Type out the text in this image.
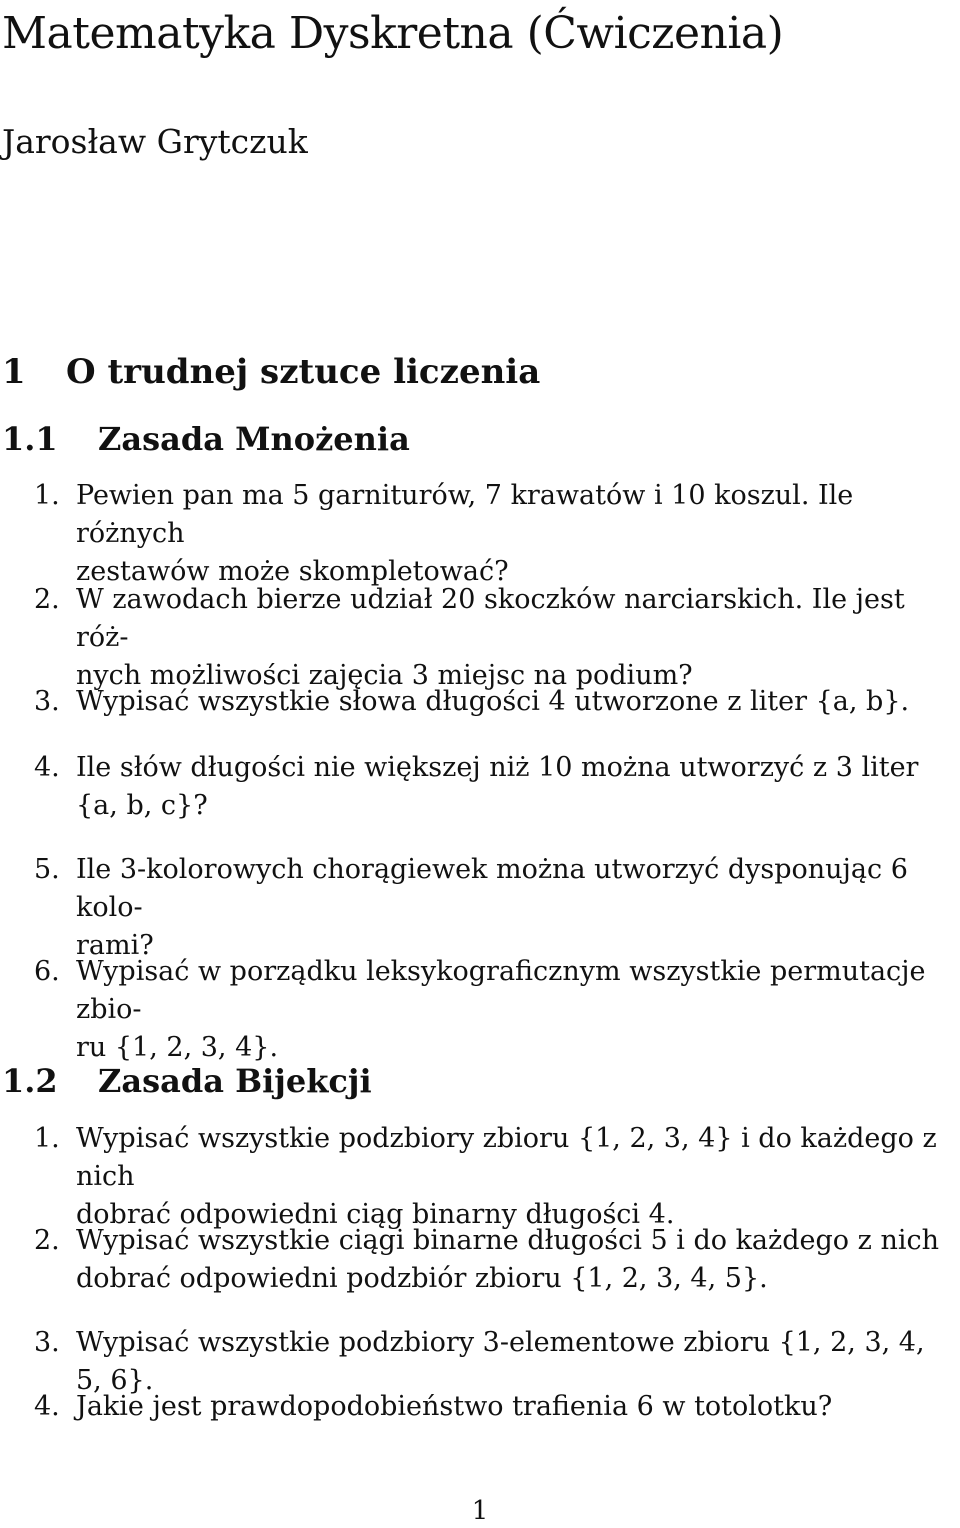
Matematyka Dyskretna (Ćwiczenia)
Jarosław Grytczuk
1 O trudnej sztuce liczenia
1.1 Zasada Mnożenia
1. Pewien pan ma 5 garniturów, 7 krawatów i 10 koszul. Ile różnych
zestawów może skompletować?
2. W zawodach bierze udział 20 skoczków narciarskich. Ile jest róż-
nych możliwości zajęcia 3 miejsc na podium?
3. Wypisać wszystkie słowa długości 4 utworzone z liter {a, b}.
4. Ile słów długości nie większej niż 10 można utworzyć z 3 liter
{a, b, c}?
5. Ile 3-kolorowych chorągiewek można utworzyć dysponując 6 kolo-
rami?
6. Wypisać w porządku leksykograficznym wszystkie permutacje zbio-
ru {1, 2, 3, 4}.
1.2 Zasada Bijekcji
1. Wypisać wszystkie podzbiory zbioru {1, 2, 3, 4} i do każdego z nich
dobrać odpowiedni ciąg binarny długości 4.
2. Wypisać wszystkie ciągi binarne długości 5 i do każdego z nich
dobrać odpowiedni podzbiór zbioru {1, 2, 3, 4, 5}.
3. Wypisać wszystkie podzbiory 3-elementowe zbioru {1, 2, 3, 4, 5, 6}.
4. Jakie jest prawdopodobieństwo trafienia 6 w totolotku?
1
